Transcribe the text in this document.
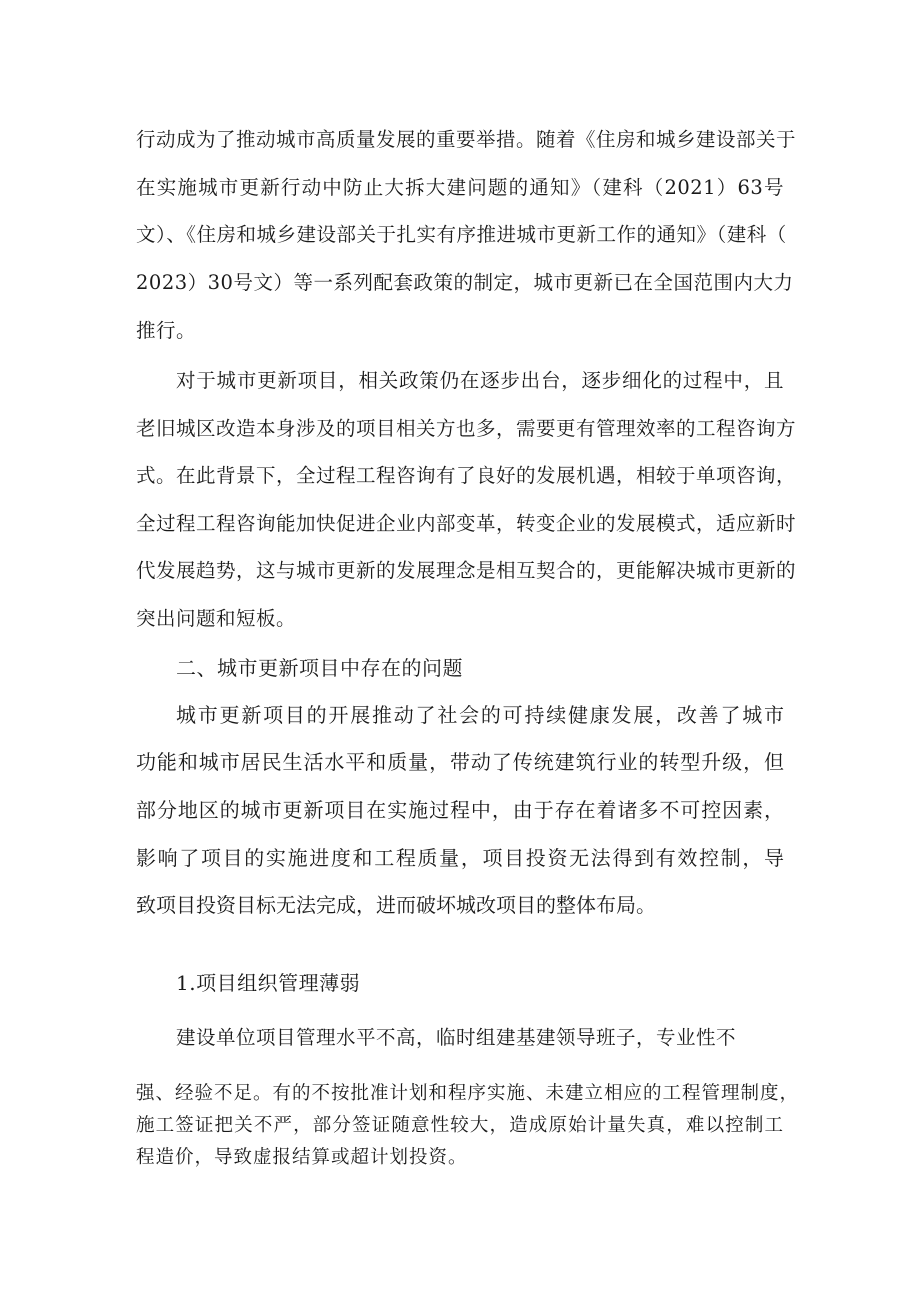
行动成为了推动城市高质量发展的重要举措。随着《住房和城乡建设部关于

在实施城市更新行动中防止大拆大建问题的通知》（建科（2021）63号

文）、《住房和城乡建设部关于扎实有序推进城市更新工作的通知》（建科（

2023）30号文）等一系列配套政策的制定，城市更新已在全国范围内大力

推行。

对于城市更新项目，相关政策仍在逐步出台，逐步细化的过程中，且

老旧城区改造本身涉及的项目相关方也多，需要更有管理效率的工程咨询方

式。在此背景下，全过程工程咨询有了良好的发展机遇，相较于单项咨询，

全过程工程咨询能加快促进企业内部变革，转变企业的发展模式，适应新时

代发展趋势，这与城市更新的发展理念是相互契合的，更能解决城市更新的

突出问题和短板。

二、城市更新项目中存在的问题

城市更新项目的开展推动了社会的可持续健康发展，改善了城市

功能和城市居民生活水平和质量，带动了传统建筑行业的转型升级，但

部分地区的城市更新项目在实施过程中，由于存在着诸多不可控因素，

影响了项目的实施进度和工程质量，项目投资无法得到有效控制，导

致项目投资目标无法完成，进而破坏城改项目的整体布局。

1.项目组织管理薄弱

建设单位项目管理水平不高，临时组建基建领导班子，专业性不

强、经验不足。有的不按批准计划和程序实施、未建立相应的工程管理制度，

施工签证把关不严，部分签证随意性较大，造成原始计量失真，难以控制工

程造价，导致虚报结算或超计划投资。
